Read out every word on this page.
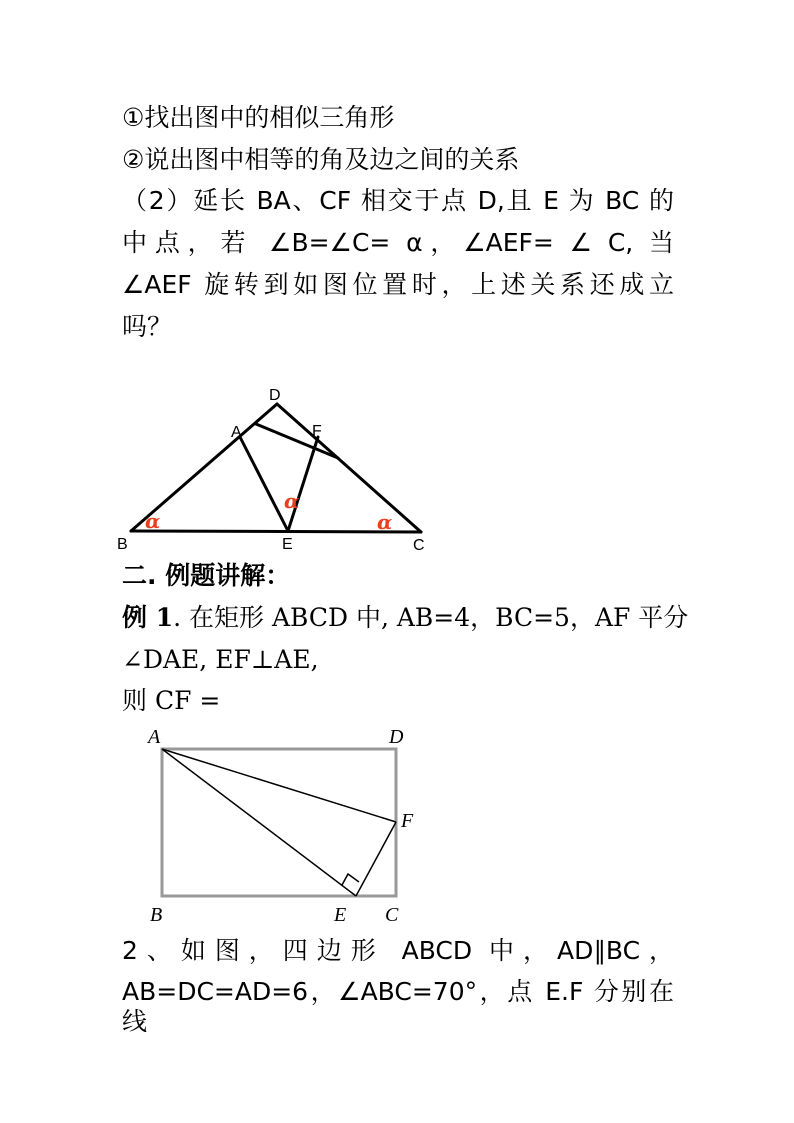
①找出图中的相似三角形
②说出图中相等的角及边之间的关系
（2）延长 BA、CF 相交于点 D,且 E 为 BC 的
中点，若 ∠B=∠C= α，∠AEF= ∠ C, 当
∠AEF 旋转到如图位置时，上述关系还成立
吗？
D
A	F
B	E	C
α
α
α
二. 例题讲解：
例 1. 在矩形 ABCD 中, AB=4，BC=5，AF 平分
∠DAE, EF⊥AE,
则 CF =
A	D
F
B	E C
2、如图，四边形 ABCD 中，AD∥BC，
AB=DC=AD=6，∠ABC=70°，点 E.F 分别在线
